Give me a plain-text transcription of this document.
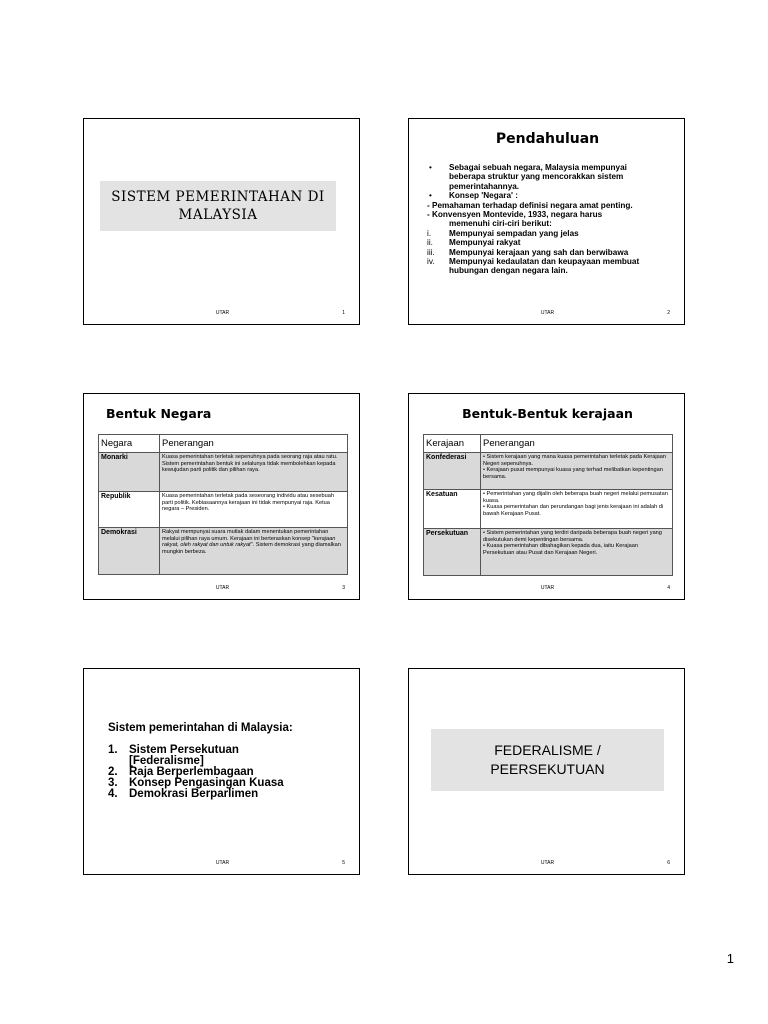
SISTEM PEMERINTAHAN DI
MALAYSIA
UTAR	1
Pendahuluan
• Sebagai sebuah negara, Malaysia mempunyai
beberapa struktur yang mencorakkan sistem
pemerintahannya.
• Konsep 'Negara' :
- Pemahaman terhadap definisi negara amat penting.
- Konvensyen Montevide, 1933, negara harus
memenuhi ciri-ciri berikut:
i. Mempunyai sempadan yang jelas
ii. Mempunyai rakyat
iii. Mempunyai kerajaan yang sah dan berwibawa
iv. Mempunyai kedaulatan dan keupayaan membuat
hubungan dengan negara lain.
UTAR	2
Bentuk Negara
Negara	Penerangan
Monarki	Kuasa pemerintahan terletak sepenuhnya pada seorang raja atau ratu. Sistem pemerintahan bentuk ini selalunya tidak membolehkan kepada kewujudan parti politik dan pilihan raya.
Republik	Kuasa pemerintahan terletak pada seseorang individu atau sesebuah parti politik. Kebiasaannya kerajaan ini tidak mempunyai raja. Ketua negara – Presiden.
Demokrasi	Rakyat mempunyai suara mutlak dalam menentukan pemerintahan melalui pilihan raya umum. Kerajaan ini berteraskan konsep "kerajaan rakyat, oleh rakyat dan untuk rakyat". Sistem demokrasi yang diamalkan mungkin berbeza.
UTAR	3
Bentuk-Bentuk kerajaan
Kerajaan	Penerangan
Konfederasi	• Sistem kerajaan yang mana kuasa pemerintahan terletak pada Kerajaan Negeri sepenuhnya.
• Kerajaan pusat mempunyai kuasa yang terhad melibatkan kepentingan bersama.

Kesatuan	• Pemerintahan yang dijalin oleh beberapa buah negeri melalui pemusatan kuasa.
• Kuasa pemerintahan dan perundangan bagi jenis kerajaan ini adalah di bawah Kerajaan Pusat.

Persekutuan	• Sistem pemerintahan yang terdiri daripada beberapa buah negeri yang disekutukan demi kepentingan bersama.
• Kuasa pemerintahan dibahagikan kepada dua, iaitu Kerajaan Persekutuan atau Pusat dan Kerajaan Negeri.
UTAR	4
Sistem pemerintahan di Malaysia:
1. Sistem Persekutuan
[Federalisme]
2. Raja Berperlembagaan
3. Konsep Pengasingan Kuasa
4. Demokrasi Berparlimen
UTAR	5
FEDERALISME /
PEERSEKUTUAN
UTAR	6
1
